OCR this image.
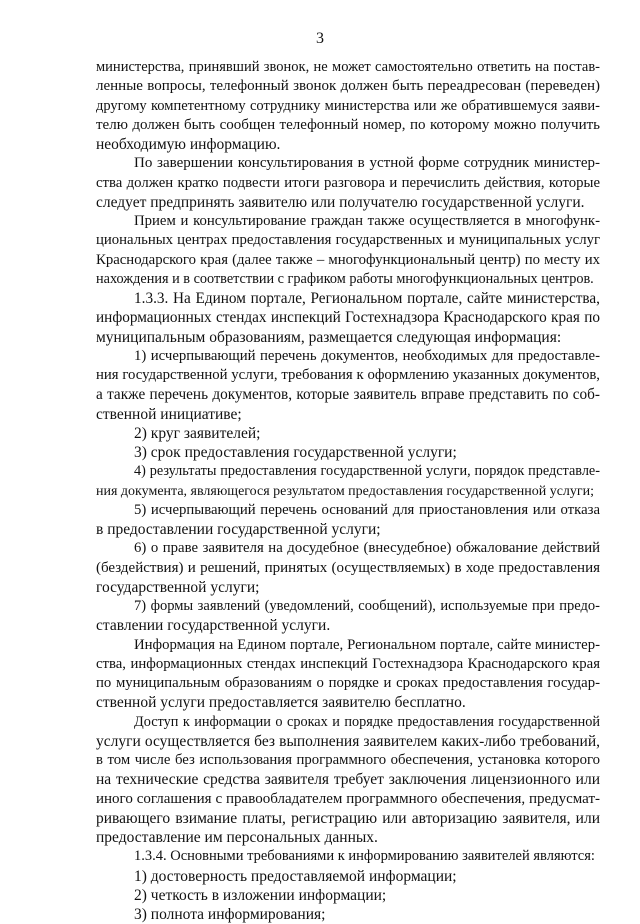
3
министерства, принявший звонок, не может самостоятельно ответить на постав-
ленные вопросы, телефонный звонок должен быть переадресован (переведен)
другому компетентному сотруднику министерства или же обратившемуся заяви-
телю должен быть сообщен телефонный номер, по которому можно получить
необходимую информацию.
По завершении консультирования в устной форме сотрудник министер-
ства должен кратко подвести итоги разговора и перечислить действия, которые
следует предпринять заявителю или получателю государственной услуги.
Прием и консультирование граждан также осуществляется в многофунк-
циональных центрах предоставления государственных и муниципальных услуг
Краснодарского края (далее также – многофункциональный центр) по месту их
нахождения и в соответствии с графиком работы многофункциональных центров.
1.3.3. На Едином портале, Региональном портале, сайте министерства,
информационных стендах инспекций Гостехнадзора Краснодарского края по
муниципальным образованиям, размещается следующая информация:
1) исчерпывающий перечень документов, необходимых для предоставле-
ния государственной услуги, требования к оформлению указанных документов,
а также перечень документов, которые заявитель вправе представить по соб-
ственной инициативе;
2) круг заявителей;
3) срок предоставления государственной услуги;
4) результаты предоставления государственной услуги, порядок представле-
ния документа, являющегося результатом предоставления государственной услуги;
5) исчерпывающий перечень оснований для приостановления или отказа
в предоставлении государственной услуги;
6) о праве заявителя на досудебное (внесудебное) обжалование действий
(бездействия) и решений, принятых (осуществляемых) в ходе предоставления
государственной услуги;
7) формы заявлений (уведомлений, сообщений), используемые при предо-
ставлении государственной услуги.
Информация на Едином портале, Региональном портале, сайте министер-
ства, информационных стендах инспекций Гостехнадзора Краснодарского края
по муниципальным образованиям о порядке и сроках предоставления государ-
ственной услуги предоставляется заявителю бесплатно.
Доступ к информации о сроках и порядке предоставления государственной
услуги осуществляется без выполнения заявителем каких-либо требований,
в том числе без использования программного обеспечения, установка которого
на технические средства заявителя требует заключения лицензионного или
иного соглашения с правообладателем программного обеспечения, предусмат-
ривающего взимание платы, регистрацию или авторизацию заявителя, или
предоставление им персональных данных.
1.3.4. Основными требованиями к информированию заявителей являются:
1) достоверность предоставляемой информации;
2) четкость в изложении информации;
3) полнота информирования;
